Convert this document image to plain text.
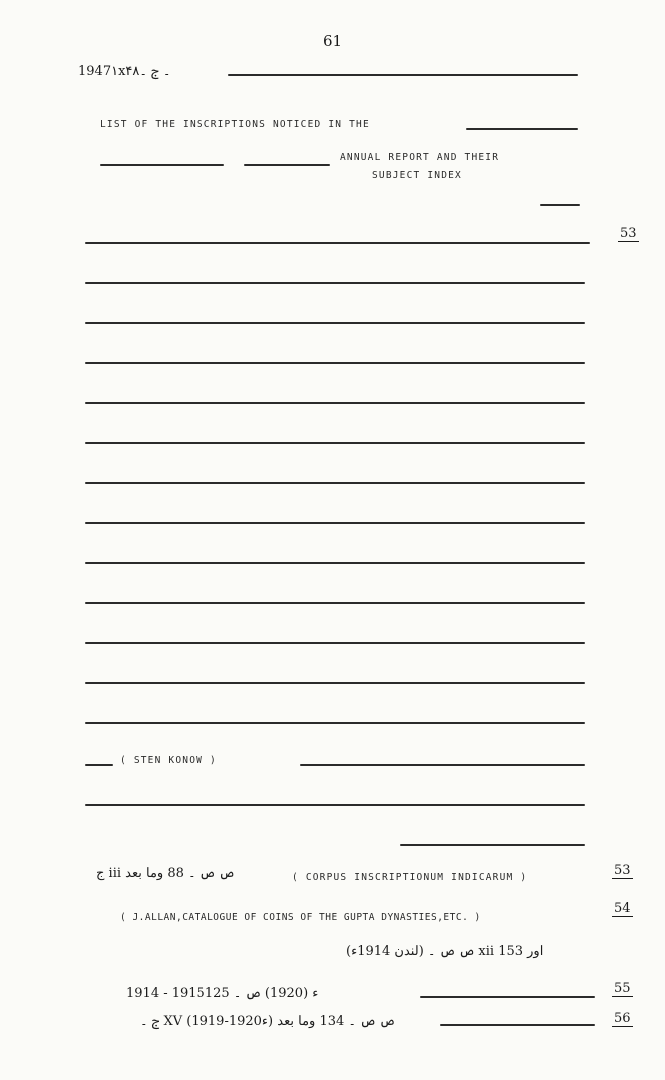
61
1947۱x۔ ج ۔۴۸
LIST OF THE INSCRIPTIONS NOTICED IN THE
ANNUAL REPORT AND THEIR
SUBJECT INDEX
53
( STEN KONOW )
53
( CORPUS INSCRIPTIONUM INDICARUM )
ج iii ص ص ۔ 88 وما بعد
54
( J.ALLAN,CATALOGUE OF COINS OF THE GUPTA DYNASTIES,ETC. )
(لندن 1914ء) ص ص ۔ xii اور 153
55
1914 - 1915ء (1920) ص ۔ 125
56
ج ۔ XV (1919-1920ء) ص ص ۔ 134 وما بعد
